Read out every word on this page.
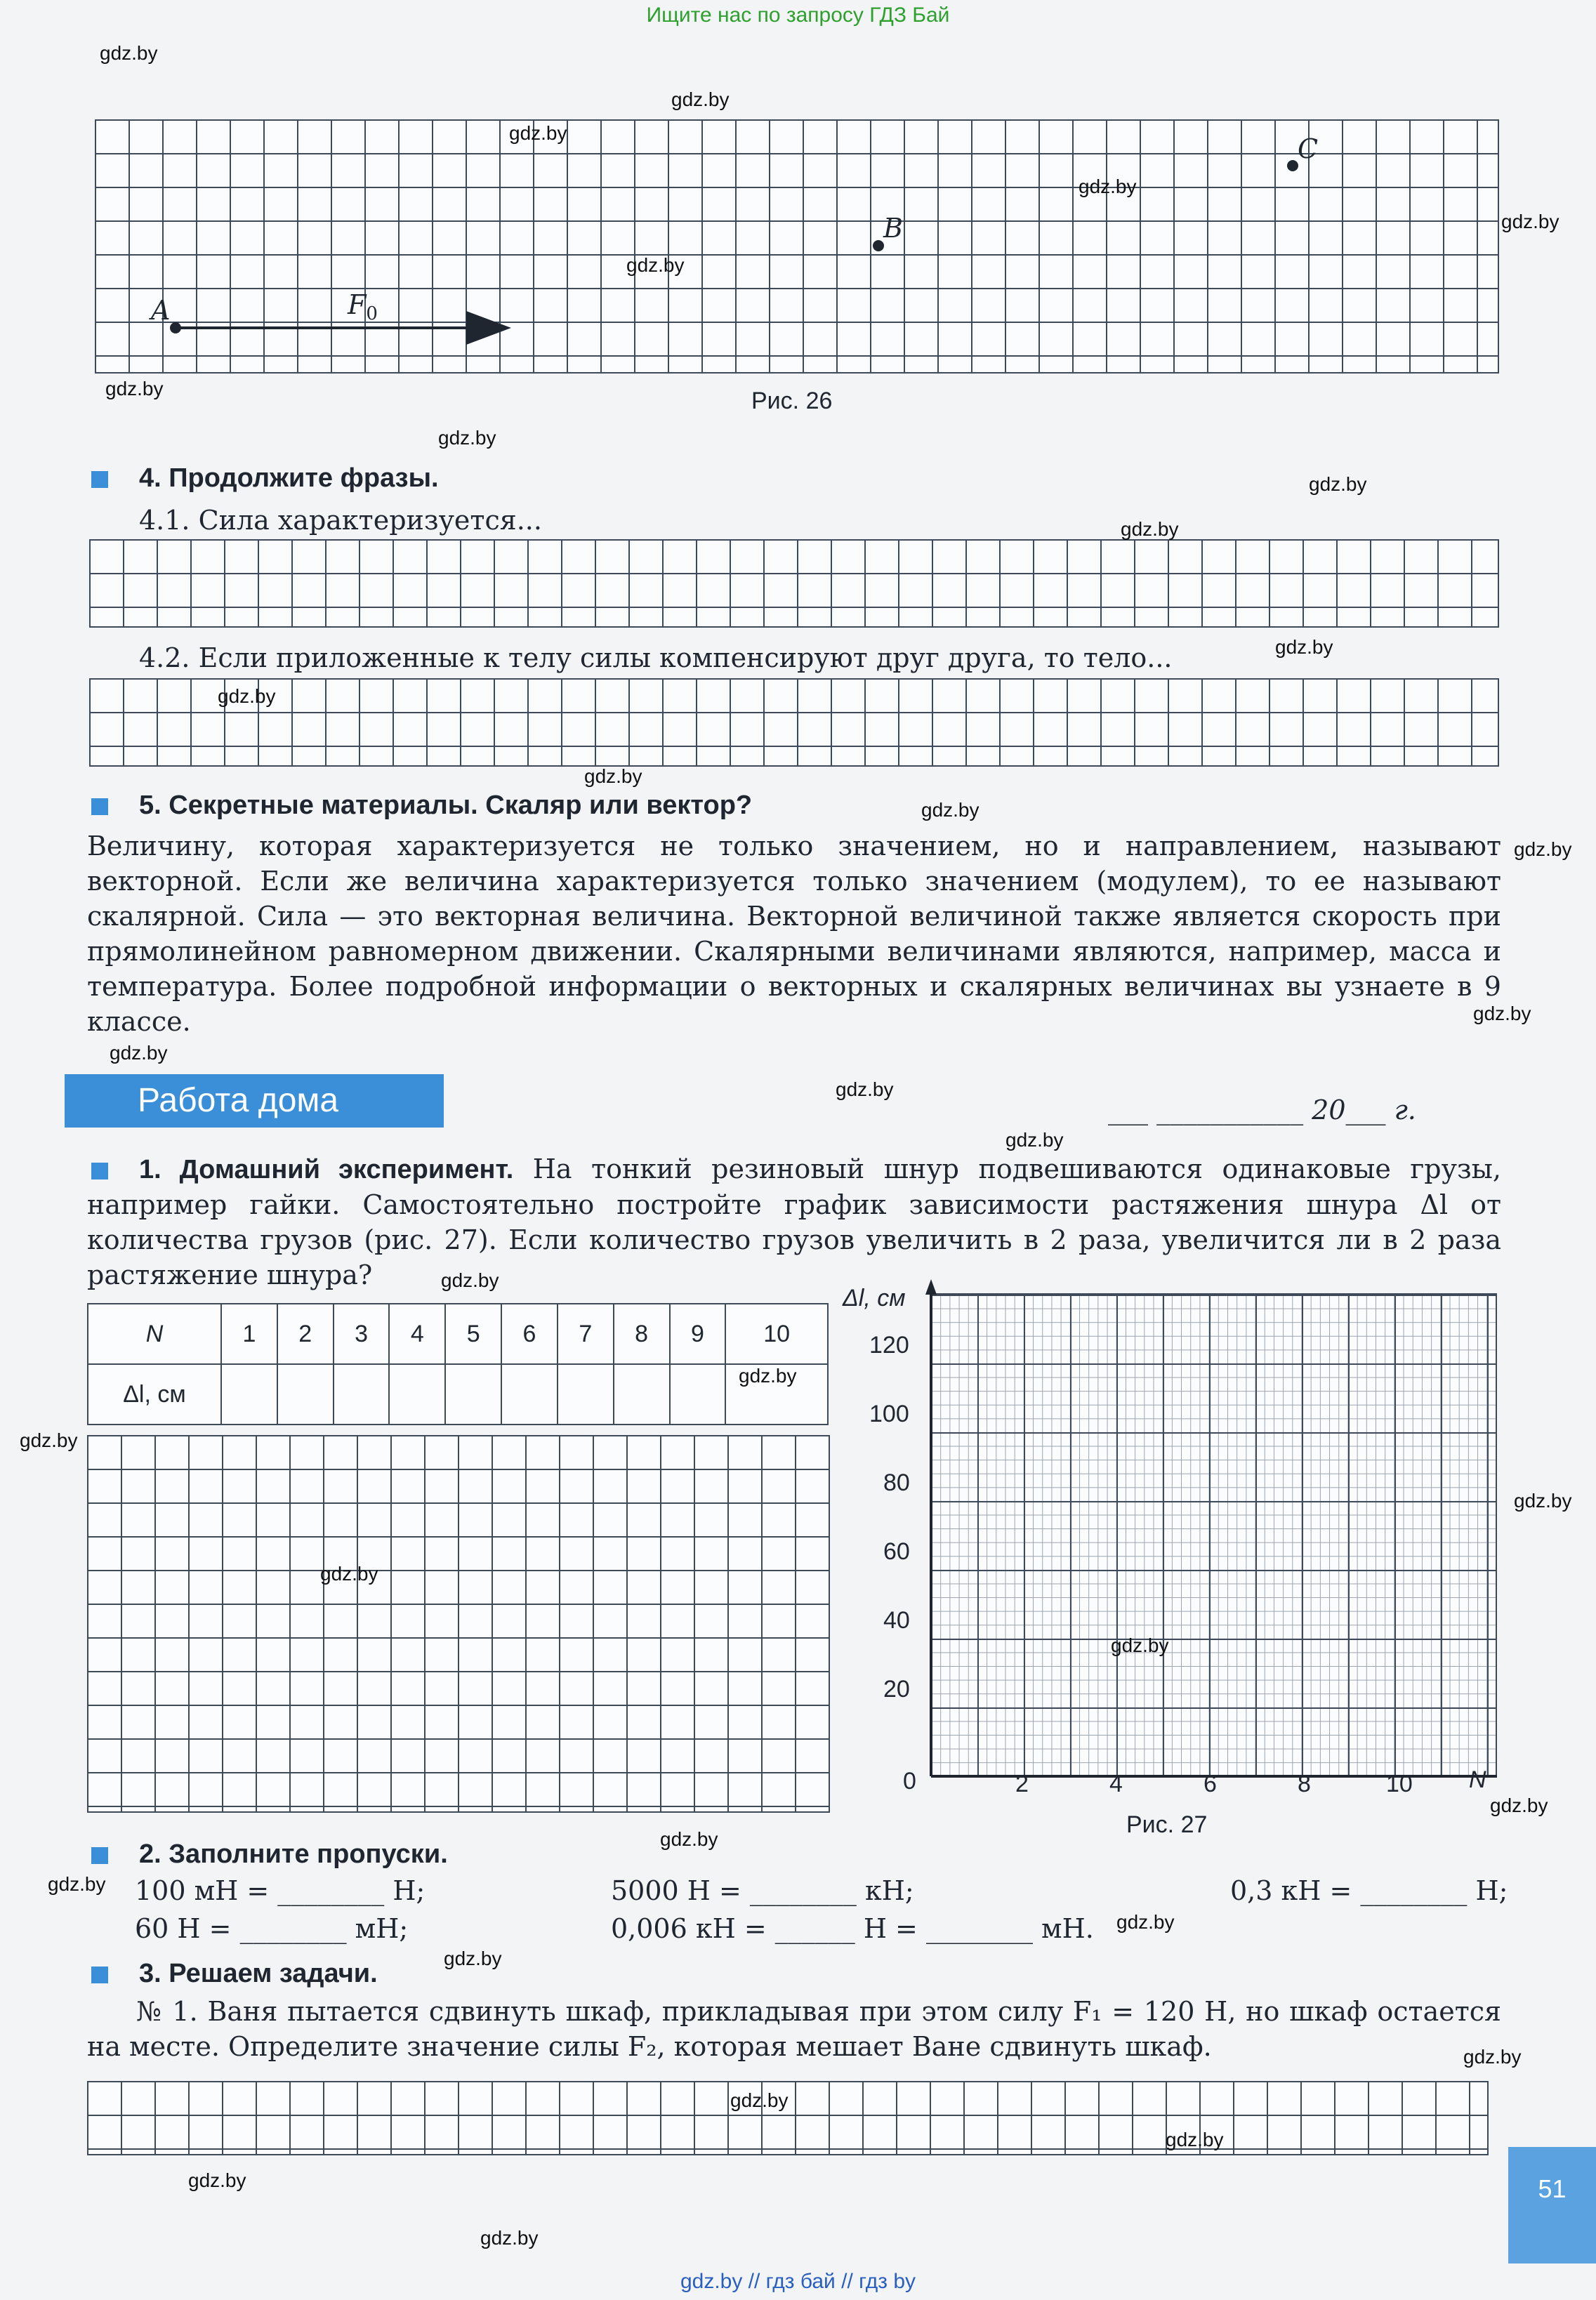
Ищите нас по запросу ГДЗ Бай
A
B
C
$F_0$
Рис. 26
4. Продолжите фразы.
4.1. Сила характеризуется...
4.2. Если приложенные к телу силы компенсируют друг друга, то тело...
5. Секретные материалы. Скаляр или вектор?
Величину, которая характеризуется не только значением, но и направлением, называют векторной. Если же величина характеризуется только значением (модулем), то ее называют скалярной. Сила — это векторная величина. Векторной величиной также является скорость при прямолинейном равномерном движении. Скалярными величинами являются, например, масса и температура. Более подробной информации о векторных и скалярных величинах вы узнаете в 9 классе.
Работа дома	___ ___________ 20___ г.
1. Домашний эксперимент. На тонкий резиновый шнур подвешиваются одинаковые грузы, например гайки. Самостоятельно постройте график зависимости растяжения шнура Δl от количества грузов (рис. 27). Если количество грузов увеличить в 2 раза, увеличится ли в 2 раза растяжение шнура?
N	1	2	3	4	5	6	7	8	9	10
Δl, см										
Δl, см
120
100
80
60
40
20
0	2	4	6	8	10 N
Рис. 27
2. Заполните пропуски.
100 мН = ________ Н;	5000 Н = ________ кН;	0,3 кН = ________ Н;
60 Н = ________ мН;	0,006 кН = ______ Н = ________ мН.
3. Решаем задачи.
№ 1. Ваня пытается сдвинуть шкаф, прикладывая при этом силу F₁ = 120 Н, но шкаф остается на месте. Определите значение силы F₂, которая мешает Ване сдвинуть шкаф.
51
gdz.by
gdz.by
gdz.by
gdz.by
gdz.by
gdz.by
gdz.by
gdz.by
gdz.by
gdz.by
gdz.by
gdz.by
gdz.by
gdz.by
gdz.by
gdz.by
gdz.by
gdz.by
gdz.by
gdz.by
gdz.by
gdz.by
gdz.by
gdz.by
gdz.by
gdz.by
gdz.by
gdz.by
gdz.by
gdz.by
gdz.by
gdz.by
gdz.by
gdz.by
gdz.by
gdz.by // гдз бай // гдз by
